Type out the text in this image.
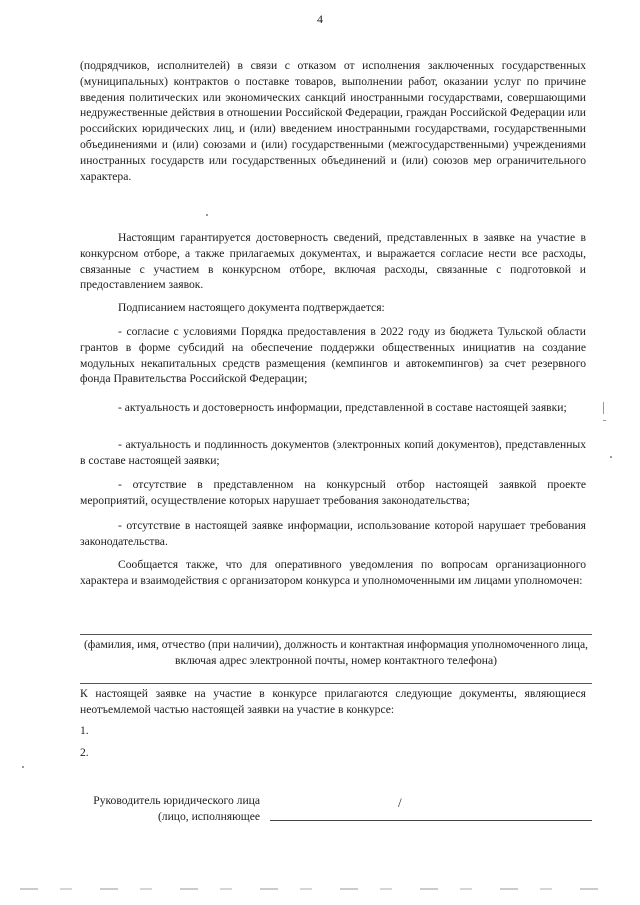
4
(подрядчиков, исполнителей) в связи с отказом от исполнения заключенных государственных (муниципальных) контрактов о поставке товаров, выполнении работ, оказании услуг по причине введения политических или экономических санкций иностранными государствами, совершающими недружественные действия в отношении Российской Федерации, граждан Российской Федерации или российских юридических лиц, и (или) введением иностранными государствами, государственными объединениями и (или) союзами и (или) государственными (межгосударственными) учреждениями иностранных государств или государственных объединений и (или) союзов мер ограничительного характера.
Настоящим гарантируется достоверность сведений, представленных в заявке на участие в конкурсном отборе, а также прилагаемых документах, и выражается согласие нести все расходы, связанные с участием в конкурсном отборе, включая расходы, связанные с подготовкой и предоставлением заявок.
Подписанием настоящего документа подтверждается:
- согласие с условиями Порядка предоставления в 2022 году из бюджета Тульской области грантов в форме субсидий на обеспечение поддержки общественных инициатив на создание модульных некапитальных средств размещения (кемпингов и автокемпингов) за счет резервного фонда Правительства Российской Федерации;
- актуальность и достоверность информации, представленной в составе настоящей заявки;
- актуальность и подлинность документов (электронных копий документов), представленных в составе настоящей заявки;
- отсутствие в представленном на конкурсный отбор настоящей заявкой проекте мероприятий, осуществление которых нарушает требования законодательства;
- отсутствие в настоящей заявке информации, использование которой нарушает требования законодательства.
Сообщается также, что для оперативного уведомления по вопросам организационного характера и взаимодействия с организатором конкурса и уполномоченными им лицами уполномочен:
(фамилия, имя, отчество (при наличии), должность и контактная информация уполномоченного лица, включая адрес электронной почты, номер контактного телефона)
К настоящей заявке на участие в конкурсе прилагаются следующие документы, являющиеся неотъемлемой частью настоящей заявки на участие в конкурсе:
1.
2.
Руководитель юридического лица (лицо, исполняющее
/
